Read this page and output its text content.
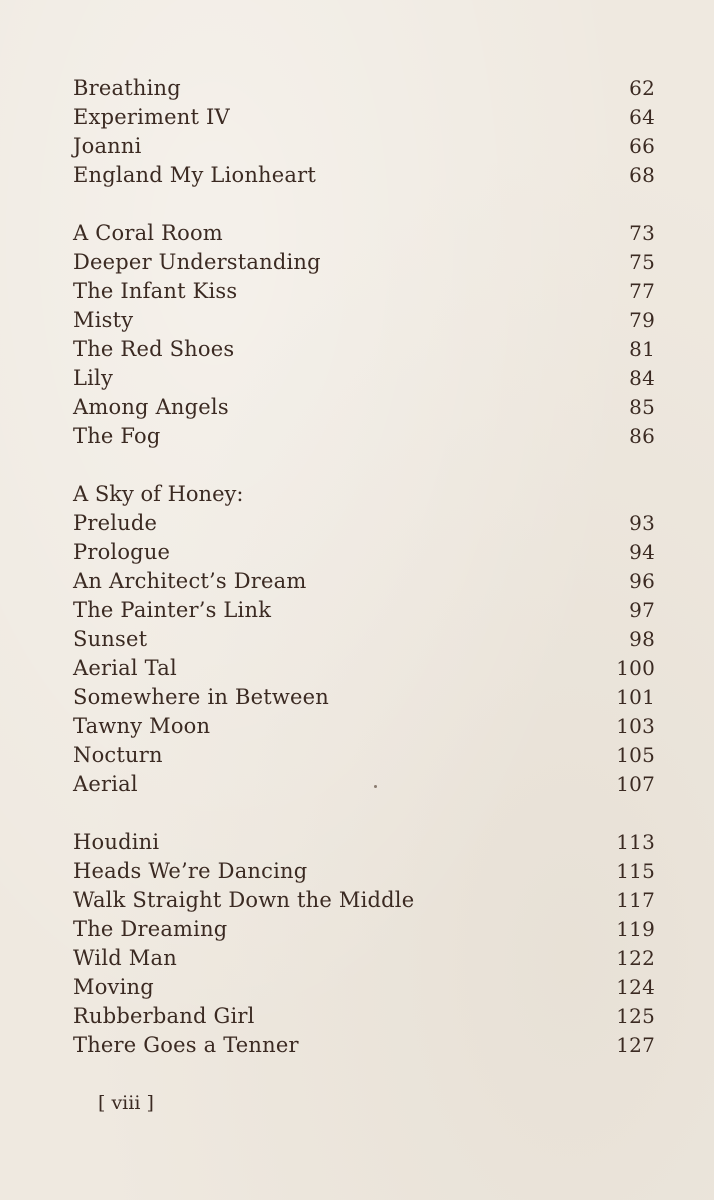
Breathing	62
Experiment IV	64
Joanni	66
England My Lionheart	68
A Coral Room	73
Deeper Understanding	75
The Infant Kiss	77
Misty	79
The Red Shoes	81
Lily	84
Among Angels	85
The Fog	86
A Sky of Honey:
Prelude	93
Prologue	94
An Architect’s Dream	96
The Painter’s Link	97
Sunset	98
Aerial Tal	100
Somewhere in Between	101
Tawny Moon	103
Nocturn	105
Aerial	107
Houdini	113
Heads We’re Dancing	115
Walk Straight Down the Middle	117
The Dreaming	119
Wild Man	122
Moving	124
Rubberband Girl	125
There Goes a Tenner	127
[ viii ]
